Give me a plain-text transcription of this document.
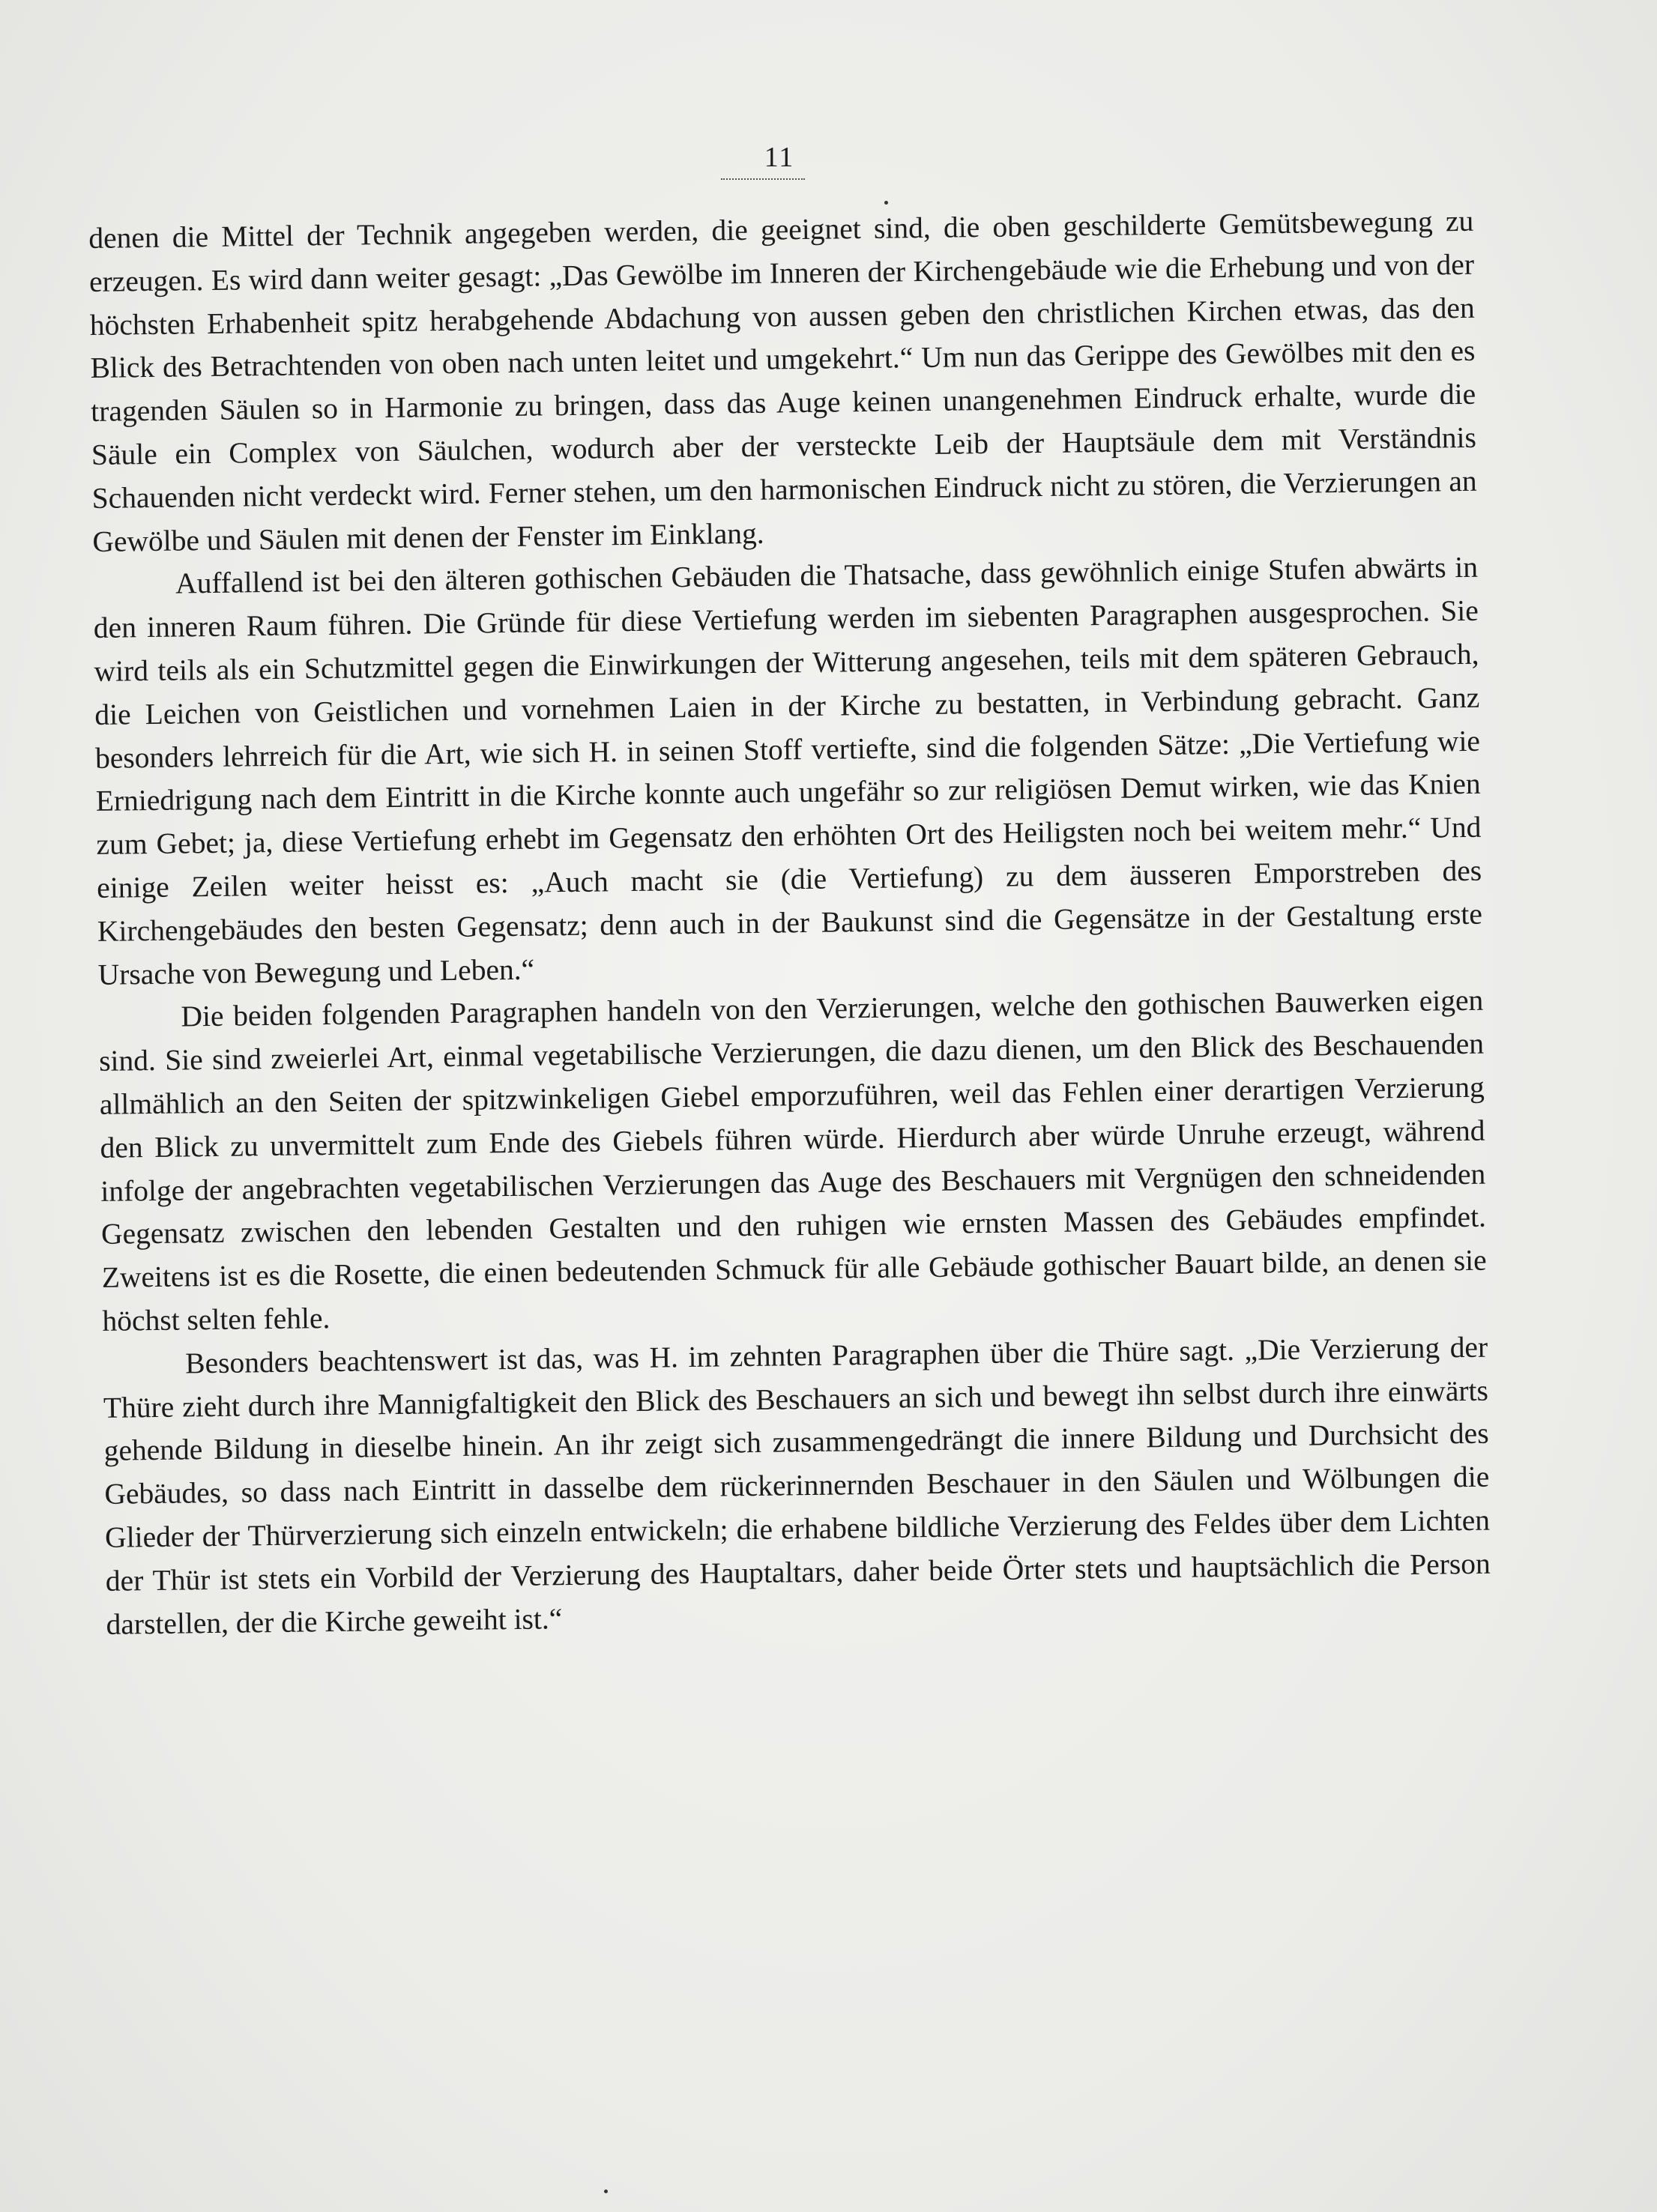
11

denen die Mittel der Technik angegeben werden, die geeignet sind, die oben geschilderte Gemütsbewegung zu erzeugen. Es wird dann weiter gesagt: „Das Gewölbe im Inneren der Kirchengebäude wie die Erhebung und von der höchsten Erhabenheit spitz herabgehende Abdachung von aussen geben den christlichen Kirchen etwas, das den Blick des Betrachtenden von oben nach unten leitet und umgekehrt.“ Um nun das Gerippe des Gewölbes mit den es tragenden Säulen so in Harmonie zu bringen, dass das Auge keinen unangenehmen Eindruck erhalte, wurde die Säule ein Complex von Säulchen, wodurch aber der versteckte Leib der Hauptsäule dem mit Verständnis Schauenden nicht verdeckt wird. Ferner stehen, um den harmonischen Eindruck nicht zu stören, die Verzierungen an Gewölbe und Säulen mit denen der Fenster im Einklang.

Auffallend ist bei den älteren gothischen Gebäuden die Thatsache, dass gewöhnlich einige Stufen abwärts in den inneren Raum führen. Die Gründe für diese Vertiefung werden im siebenten Paragraphen ausgesprochen. Sie wird teils als ein Schutzmittel gegen die Einwirkungen der Witterung angesehen, teils mit dem späteren Gebrauch, die Leichen von Geistlichen und vornehmen Laien in der Kirche zu bestatten, in Verbindung gebracht. Ganz besonders lehrreich für die Art, wie sich H. in seinen Stoff vertiefte, sind die folgenden Sätze: „Die Vertiefung wie Erniedrigung nach dem Eintritt in die Kirche konnte auch ungefähr so zur religiösen Demut wirken, wie das Knien zum Gebet; ja, diese Vertiefung erhebt im Gegensatz den erhöhten Ort des Heiligsten noch bei weitem mehr.“ Und einige Zeilen weiter heisst es: „Auch macht sie (die Vertiefung) zu dem äusseren Emporstreben des Kirchengebäudes den besten Gegensatz; denn auch in der Baukunst sind die Gegensätze in der Gestaltung erste Ursache von Bewegung und Leben.“

Die beiden folgenden Paragraphen handeln von den Verzierungen, welche den gothischen Bauwerken eigen sind. Sie sind zweierlei Art, einmal vegetabilische Verzierungen, die dazu dienen, um den Blick des Beschauenden allmählich an den Seiten der spitzwinkeligen Giebel emporzuführen, weil das Fehlen einer derartigen Verzierung den Blick zu unvermittelt zum Ende des Giebels führen würde. Hierdurch aber würde Unruhe erzeugt, während infolge der angebrachten vegetabilischen Verzierungen das Auge des Beschauers mit Vergnügen den schneidenden Gegensatz zwischen den lebenden Gestalten und den ruhigen wie ernsten Massen des Gebäudes empfindet. Zweitens ist es die Rosette, die einen bedeutenden Schmuck für alle Gebäude gothischer Bauart bilde, an denen sie höchst selten fehle.

Besonders beachtenswert ist das, was H. im zehnten Paragraphen über die Thüre sagt. „Die Verzierung der Thüre zieht durch ihre Mannigfaltigkeit den Blick des Beschauers an sich und bewegt ihn selbst durch ihre einwärts gehende Bildung in dieselbe hinein. An ihr zeigt sich zusammengedrängt die innere Bildung und Durchsicht des Gebäudes, so dass nach Eintritt in dasselbe dem rückerinnernden Beschauer in den Säulen und Wölbungen die Glieder der Thürverzierung sich einzeln entwickeln; die erhabene bildliche Verzierung des Feldes über dem Lichten der Thür ist stets ein Vorbild der Verzierung des Hauptaltars, daher beide Örter stets und hauptsächlich die Person darstellen, der die Kirche geweiht ist.“
